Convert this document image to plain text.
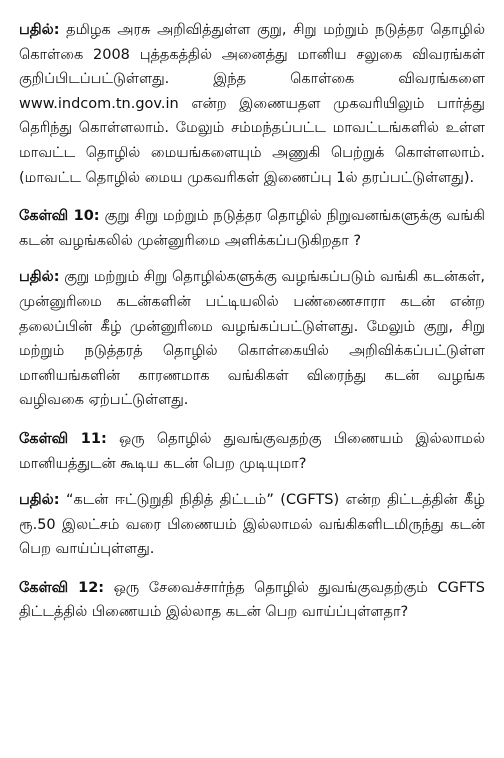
பதில்: தமிழக அரசு அறிவித்துள்ள குறு, சிறு மற்றும் நடுத்தர தொழில் கொள்கை 2008 புத்தகத்தில் அனைத்து மானிய சலுகை விவரங்கள் குறிப்பிடப்பட்டுள்ளது. இந்த கொள்கை விவரங்களை www.indcom.tn.gov.in என்ற இணையதள முகவரியிலும் பார்த்து தெரிந்து கொள்ளலாம். மேலும் சம்மந்தப்பட்ட மாவட்டங்களில் உள்ள மாவட்ட தொழில் மையங்களையும் அணுகி பெற்றுக் கொள்ளலாம். (மாவட்ட தொழில் மைய முகவரிகள் இணைப்பு 1ல் தரப்பட்டுள்ளது).

கேள்வி 10: குறு சிறு மற்றும் நடுத்தர தொழில் நிறுவனங்களுக்கு வங்கி கடன் வழங்கலில் முன்னுரிமை அளிக்கப்படுகிறதா ?

பதில்: குறு மற்றும் சிறு தொழில்களுக்கு வழங்கப்படும் வங்கி கடன்கள், முன்னுரிமை கடன்களின் பட்டியலில் பண்ணைசாரா கடன் என்ற தலைப்பின் கீழ் முன்னுரிமை வழங்கப்பட்டுள்ளது. மேலும் குறு, சிறு மற்றும் நடுத்தரத் தொழில் கொள்கையில் அறிவிக்கப்பட்டுள்ள மானியங்களின் காரணமாக வங்கிகள் விரைந்து கடன் வழங்க வழிவகை ஏற்பட்டுள்ளது.

கேள்வி 11: ஒரு தொழில் துவங்குவதற்கு பிணையம் இல்லாமல் மானியத்துடன் கூடிய கடன் பெற முடியுமா?

பதில்: “கடன் ஈட்டுறுதி நிதித் திட்டம்” (CGFTS) என்ற திட்டத்தின் கீழ் ரூ.50 இலட்சம் வரை பிணையம் இல்லாமல் வங்கிகளிடமிருந்து கடன் பெற வாய்ப்புள்ளது.

கேள்வி 12: ஒரு சேவைச்சார்ந்த தொழில் துவங்குவதற்கும் CGFTS திட்டத்தில் பிணையம் இல்லாத கடன் பெற வாய்ப்புள்ளதா?
